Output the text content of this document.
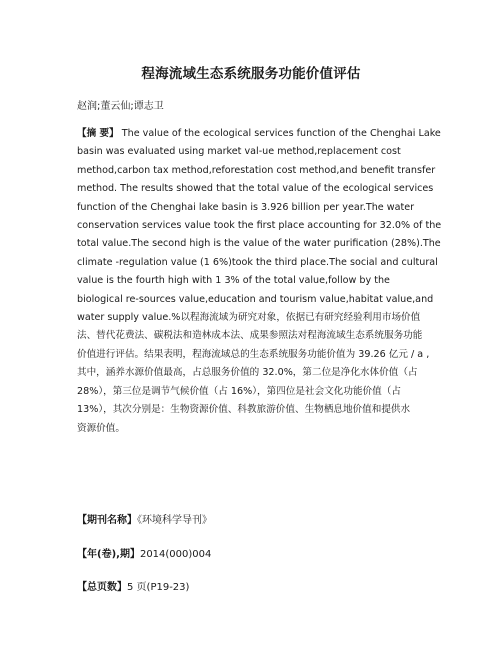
程海流域生态系统服务功能价值评估
赵润;董云仙;谭志卫
【摘 要】 The value of the ecological services function of the Chenghai Lake
basin was evaluated using market val-ue method,replacement cost
method,carbon tax method,reforestation cost method,and benefit transfer
method. The results showed that the total value of the ecological services
function of the Chenghai lake basin is 3.926 billion per year.The water
conservation services value took the first place accounting for 32.0% of the
total value.The second high is the value of the water purification (28%).The
climate -regulation value (1 6%)took the third place.The social and cultural
value is the fourth high with 1 3% of the total value,follow by the
biological re-sources value,education and tourism value,habitat value,and
water supply value.%以程海流域为研究对象，依据已有研究经验利用市场价值
法、替代花费法、碳税法和造林成本法、成果参照法对程海流域生态系统服务功能
价值进行评估。结果表明，程海流域总的生态系统服务功能价值为 39.26 亿元 / a ,
其中，涵养水源价值最高，占总服务价值的 32.0%，第二位是净化水体价值（占
28%），第三位是调节气候价值（占 16%），第四位是社会文化功能价值（占
13%），其次分别是：生物资源价值、科教旅游价值、生物栖息地价值和提供水
资源价值。
【期刊名称】《环境科学导刊》
【年(卷),期】2014(000)004
【总页数】5 页(P19-23)
